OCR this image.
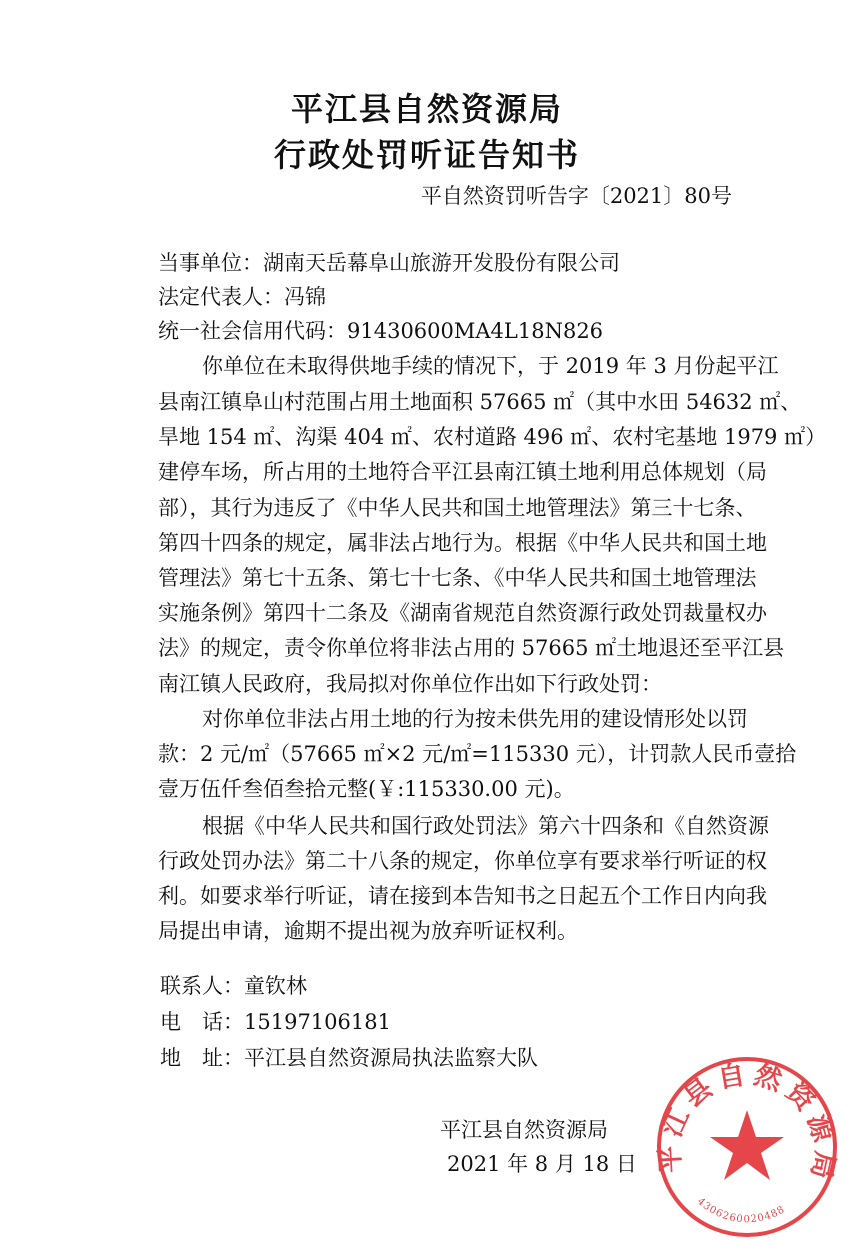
平江县自然资源局
行政处罚听证告知书
平自然资罚听告字〔2021〕80号
当事单位：湖南天岳幕阜山旅游开发股份有限公司
法定代表人：冯锦
统一社会信用代码：91430600MA4L18N826
你单位在未取得供地手续的情况下，于 2019 年 3 月份起平江
县南江镇阜山村范围占用土地面积 57665 ㎡（其中水田 54632 ㎡、
旱地 154 ㎡、沟渠 404 ㎡、农村道路 496 ㎡、农村宅基地 1979 ㎡）
建停车场，所占用的土地符合平江县南江镇土地利用总体规划（局
部），其行为违反了《中华人民共和国土地管理法》第三十七条、
第四十四条的规定，属非法占地行为。根据《中华人民共和国土地
管理法》第七十五条、第七十七条、《中华人民共和国土地管理法
实施条例》第四十二条及《湖南省规范自然资源行政处罚裁量权办
法》的规定，责令你单位将非法占用的 57665 ㎡土地退还至平江县
南江镇人民政府，我局拟对你单位作出如下行政处罚：
对你单位非法占用土地的行为按未供先用的建设情形处以罚
款：2 元/㎡（57665 ㎡×2 元/㎡=115330 元），计罚款人民币壹拾
壹万伍仟叁佰叁拾元整(￥:115330.00 元)。
根据《中华人民共和国行政处罚法》第六十四条和《自然资源
行政处罚办法》第二十八条的规定，你单位享有要求举行听证的权
利。如要求举行听证，请在接到本告知书之日起五个工作日内向我
局提出申请，逾期不提出视为放弃听证权利。
联系人：童钦林
电　话：15197106181
地　址：平江县自然资源局执法监察大队
平江县自然资源局
4306260020488
平江县自然资源局
2021 年 8 月 18 日
